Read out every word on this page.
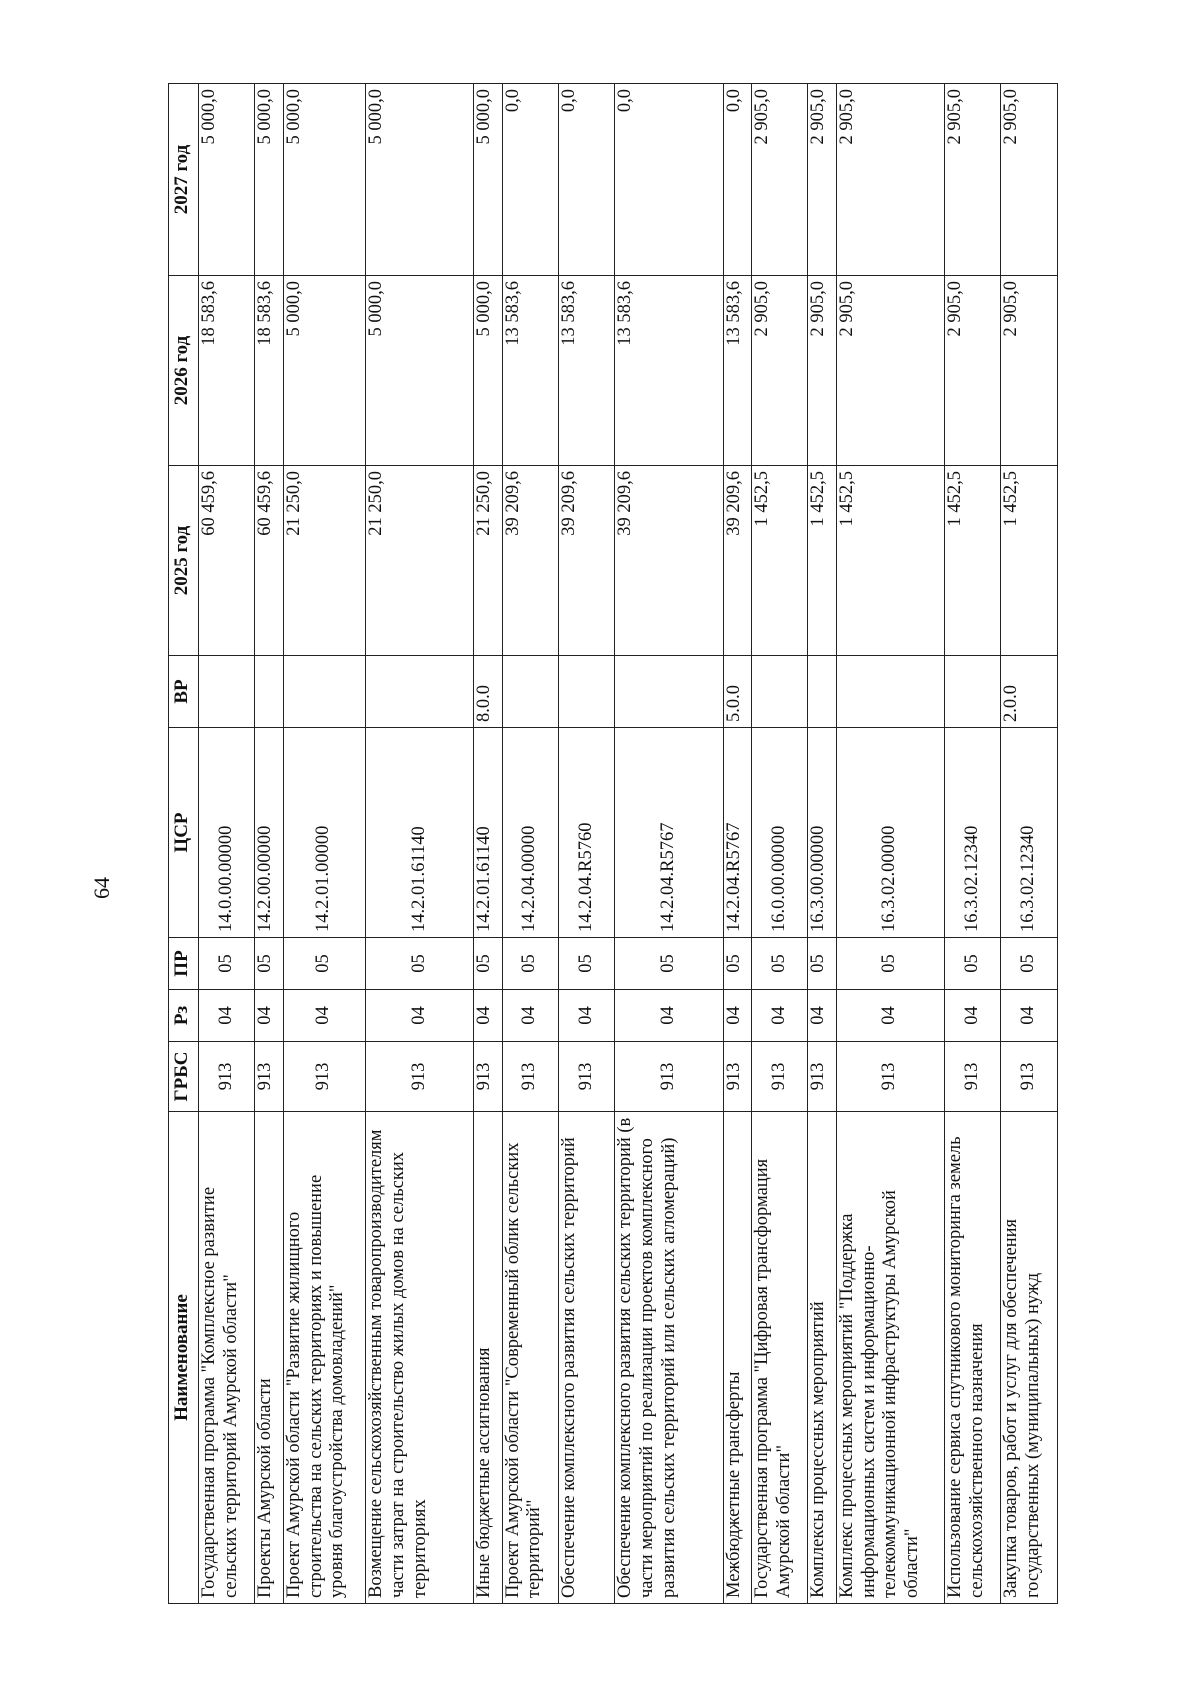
64
Наименование	ГРБС	Рз	ПР	ЦСР	ВР	2025 год	2026 год	2027 год
Государственная программа "Комплексное развитие сельских территорий Амурской области"	913	04	05	14.0.00.00000		60 459,6	18 583,6	5 000,0
Проекты Амурской области	913	04	05	14.2.00.00000		60 459,6	18 583,6	5 000,0
Проект Амурской области "Развитие жилищного строительства на сельских территориях и повышение уровня благоустройства домовладений"	913	04	05	14.2.01.00000		21 250,0	5 000,0	5 000,0
Возмещение сельскохозяйственным товаропроизводителям части затрат на строительство жилых домов на сельских территориях	913	04	05	14.2.01.61140		21 250,0	5 000,0	5 000,0
Иные бюджетные ассигнования	913	04	05	14.2.01.61140	8.0.0	21 250,0	5 000,0	5 000,0
Проект Амурской области "Современный облик сельских территорий"	913	04	05	14.2.04.00000		39 209,6	13 583,6	0,0
Обеспечение комплексного развития сельских территорий	913	04	05	14.2.04.R5760		39 209,6	13 583,6	0,0
Обеспечение комплексного развития сельских территорий (в части мероприятий по реализации проектов комплексного развития сельских территорий или сельских агломераций)	913	04	05	14.2.04.R5767		39 209,6	13 583,6	0,0
Межбюджетные трансферты	913	04	05	14.2.04.R5767	5.0.0	39 209,6	13 583,6	0,0
Государственная программа "Цифровая трансформация Амурской области"	913	04	05	16.0.00.00000		1 452,5	2 905,0	2 905,0
Комплексы процессных мероприятий	913	04	05	16.3.00.00000		1 452,5	2 905,0	2 905,0
Комплекс процессных мероприятий "Поддержка информационных систем и информационно-телекоммуникационной инфраструктуры Амурской области"	913	04	05	16.3.02.00000		1 452,5	2 905,0	2 905,0
Использование сервиса спутникового мониторинга земель сельскохозяйственного назначения	913	04	05	16.3.02.12340		1 452,5	2 905,0	2 905,0
Закупка товаров, работ и услуг для обеспечения государственных (муниципальных) нужд	913	04	05	16.3.02.12340	2.0.0	1 452,5	2 905,0	2 905,0
